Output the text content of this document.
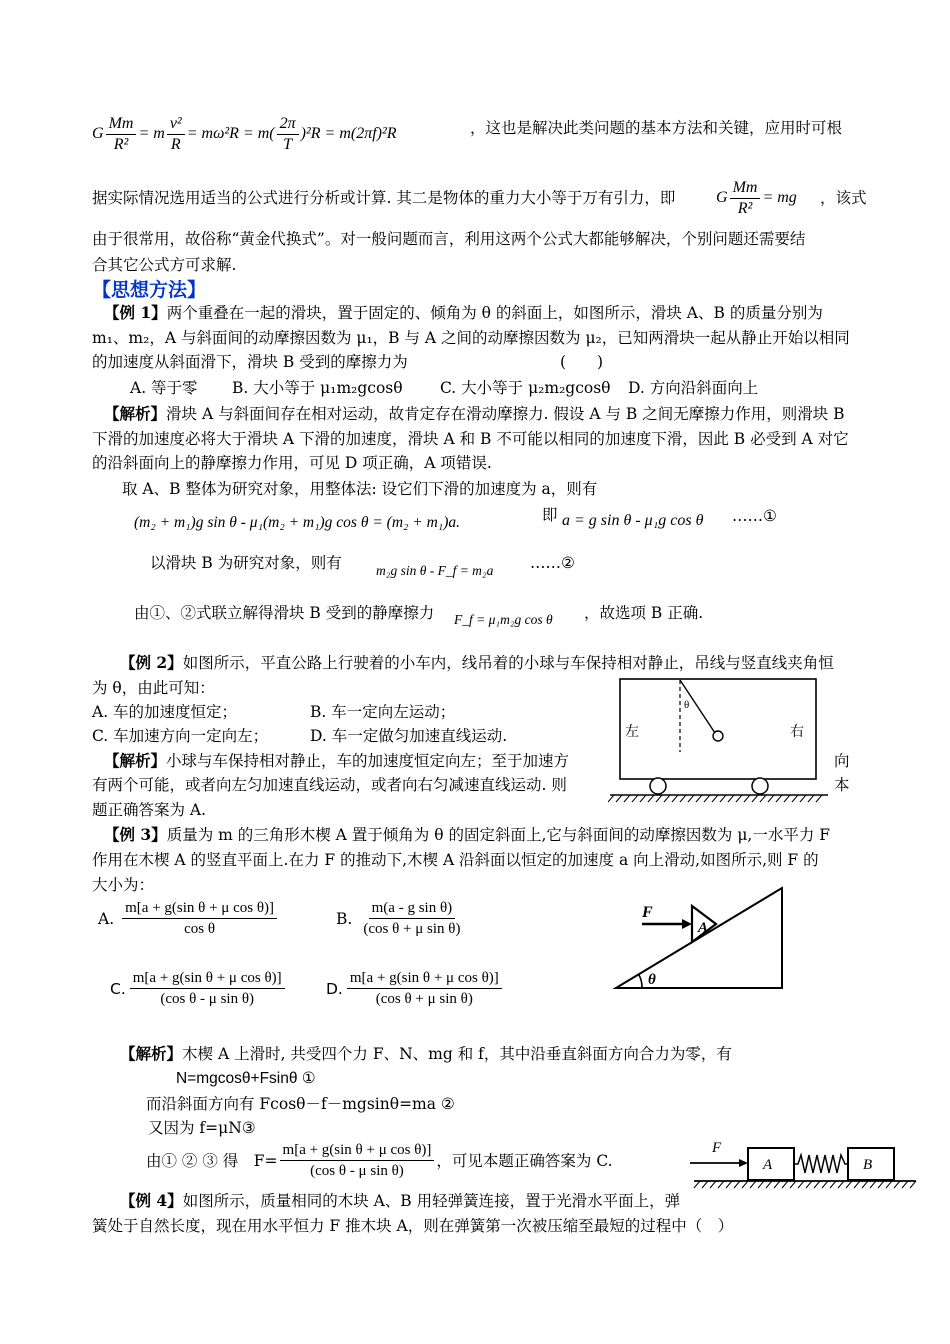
G $\frac{Mm}{\text{R²}} = m \frac{\text{v²}}{R} = m\omega^2R = m( \frac{2\pi}{T} )^2R = m(2\pi f)^2R$	，这也是解决此类问题的基本方法和关键，应用时可根
据实际情况选用适当的公式进行分析或计算. 其二是物体的重力大小等于万有引力，即	G $\frac{Mm}{\text{R²}}$ = mg ，该式
由于很常用，故俗称“黄金代换式”。对一般问题而言，利用这两个公式大都能够解决，个别问题还需要结
合其它公式方可求解.
【思想方法】
【例 1】两个重叠在一起的滑块，置于固定的、倾角为 θ 的斜面上，如图所示，滑块 A、B 的质量分别为
m₁、m₂，A 与斜面间的动摩擦因数为 μ₁，B 与 A 之间的动摩擦因数为 μ₂，已知两滑块一起从静止开始以相同
的加速度从斜面滑下，滑块 B 受到的摩擦力为	(　　)
A. 等于零 B. 大小等于 μ₁m₂gcosθ C. 大小等于 μ₂m₂gcosθ D. 方向沿斜面向上
【解析】滑块 A 与斜面间存在相对运动，故肯定存在滑动摩擦力. 假设 A 与 B 之间无摩擦力作用，则滑块 B
下滑的加速度必将大于滑块 A 下滑的加速度，滑块 A 和 B 不可能以相同的加速度下滑，因此 B 必受到 A 对它
的沿斜面向上的静摩擦力作用，可见 D 项正确，A 项错误.
取 A、B 整体为研究对象，用整体法: 设它们下滑的加速度为 a，则有
(m₂ + m₁)g sin θ - μ₁(m₂ + m₁)g cos θ = (m₂ + m₁)a.	即 a = g sin θ - μ₁g cos θ ……①
以滑块 B 为研究对象，则有	m₂g sin θ - F_f = m₂a ……②
由①、②式联立解得滑块 B 受到的静摩擦力 F_f = μ₁m₂g cos θ ，故选项 B 正确.
【例 2】如图所示，平直公路上行驶着的小车内，线吊着的小球与车保持相对静止，吊线与竖直线夹角恒
为 θ，由此可知：
A. 车的加速度恒定；	B. 车一定向左运动；
C. 车加速方向一定向左；	D. 车一定做匀加速直线运动.
【解析】小球与车保持相对静止，车的加速度恒定向左；至于加速方	向
有两个可能，或者向左匀加速直线运动，或者向右匀减速直线运动. 则	本
题正确答案为 A.
θ
左	右
【例 3】质量为 m 的三角形木楔 A 置于倾角为 θ 的固定斜面上,它与斜面间的动摩擦因数为 μ,一水平力 F
作用在木楔 A 的竖直平面上.在力 F 的推动下,木楔 A 沿斜面以恒定的加速度 a 向上滑动,如图所示,则 F 的
大小为：
A. $\frac{\text{m[a + g(sin θ + μ cos θ)]}}{\text{cos θ}}$	B. $\frac{\text{m(a - g sin θ)}}{\text{(cos θ + μ sin θ)}}$
C. $\frac{\text{m[a + g(sin θ + μ cos θ)]}}{\text{(cos θ - μ sin θ)}}$	D. $\frac{\text{m[a + g(sin θ + μ cos θ)]}}{\text{(cos θ + μ sin θ)}}$
A
F
θ
【解析】木楔 A 上滑时, 共受四个力 F、N、mg 和 f，其中沿垂直斜面方向合力为零，有
N=mgcosθ+Fsinθ ①
而沿斜面方向有 Fcosθ－f－mgsinθ=ma ②
又因为 f=μN③
由① ② ③ 得　$F= \frac{\text{m[a + g(sin θ + μ cos θ)]}}{\text{(cos θ - μ sin θ)}}$ ，可见本题正确答案为 C.
F
A	B
【例 4】如图所示，质量相同的木块 A、B 用轻弹簧连接，置于光滑水平面上，弹
簧处于自然长度，现在用水平恒力 F 推木块 A，则在弹簧第一次被压缩至最短的过程中（　）
